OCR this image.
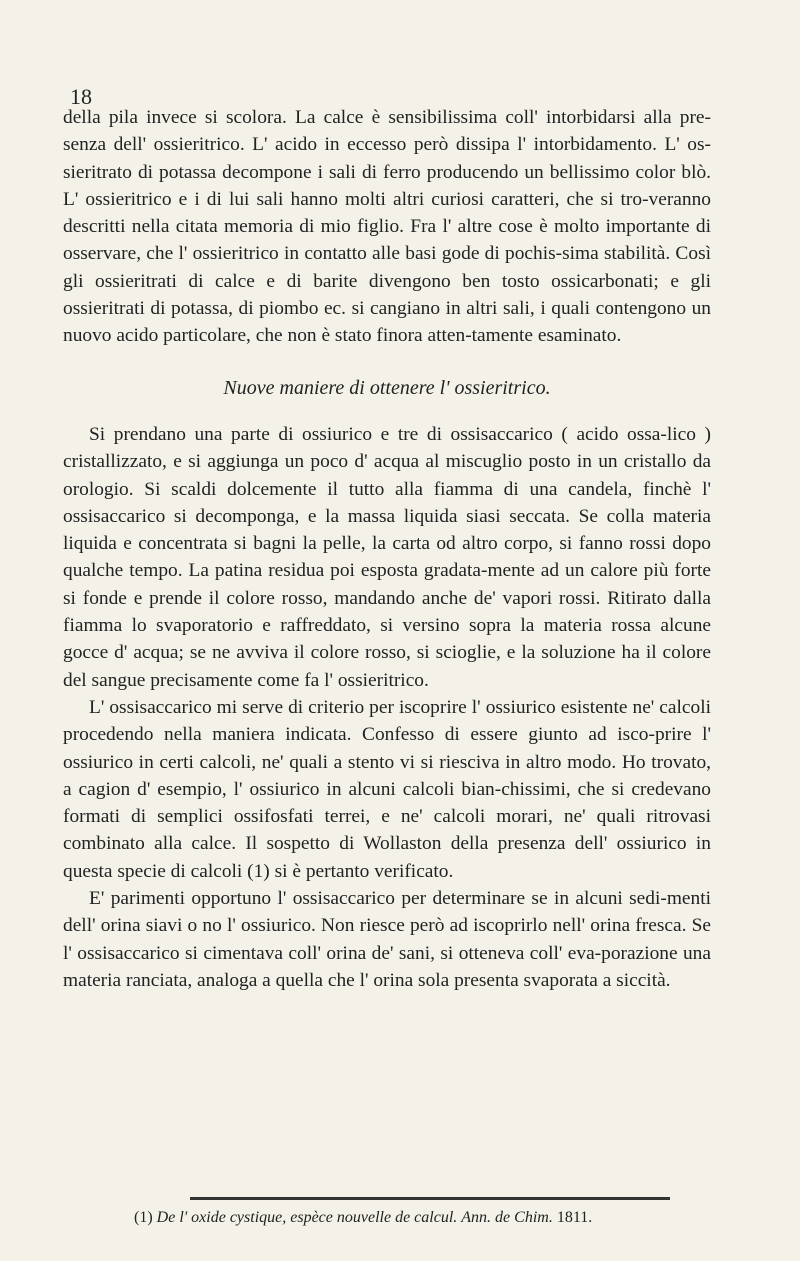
18

della pila invece si scolora. La calce è sensibilissima coll' intorbidarsi alla pre-senza dell' ossieritrico. L' acido in eccesso però dissipa l' intorbidamento. L' os-sieritrato di potassa decompone i sali di ferro producendo un bellissimo color blò. L' ossieritrico e i di lui sali hanno molti altri curiosi caratteri, che si tro-veranno descritti nella citata memoria di mio figlio. Fra l' altre cose è molto importante di osservare, che l' ossieritrico in contatto alle basi gode di pochis-sima stabilità. Così gli ossieritrati di calce e di barite divengono ben tosto ossicarbonati; e gli ossieritrati di potassa, di piombo ec. si cangiano in altri sali, i quali contengono un nuovo acido particolare, che non è stato finora atten-tamente esaminato.

Nuove maniere di ottenere l' ossieritrico.

Si prendano una parte di ossiurico e tre di ossisaccarico ( acido ossa-lico ) cristallizzato, e si aggiunga un poco d' acqua al miscuglio posto in un cristallo da orologio. Si scaldi dolcemente il tutto alla fiamma di una candela, finchè l' ossisaccarico si decomponga, e la massa liquida siasi seccata. Se colla materia liquida e concentrata si bagni la pelle, la carta od altro corpo, si fanno rossi dopo qualche tempo. La patina residua poi esposta gradata-mente ad un calore più forte si fonde e prende il colore rosso, mandando anche de' vapori rossi. Ritirato dalla fiamma lo svaporatorio e raffreddato, si versino sopra la materia rossa alcune gocce d' acqua; se ne avviva il colore rosso, si scioglie, e la soluzione ha il colore del sangue precisamente come fa l' ossieritrico.

L' ossisaccarico mi serve di criterio per iscoprire l' ossiurico esistente ne' calcoli procedendo nella maniera indicata. Confesso di essere giunto ad isco-prire l' ossiurico in certi calcoli, ne' quali a stento vi si riesciva in altro modo. Ho trovato, a cagion d' esempio, l' ossiurico in alcuni calcoli bian-chissimi, che si credevano formati di semplici ossifosfati terrei, e ne' calcoli morari, ne' quali ritrovasi combinato alla calce. Il sospetto di Wollaston della presenza dell' ossiurico in questa specie di calcoli (1) si è pertanto verificato.

E' parimenti opportuno l' ossisaccarico per determinare se in alcuni sedi-menti dell' orina siavi o no l' ossiurico. Non riesce però ad iscoprirlo nell' orina fresca. Se l' ossisaccarico si cimentava coll' orina de' sani, si otteneva coll' eva-porazione una materia ranciata, analoga a quella che l' orina sola presenta svaporata a siccità.

(1) De l' oxide cystique, espèce nouvelle de calcul. Ann. de Chim. 1811.
